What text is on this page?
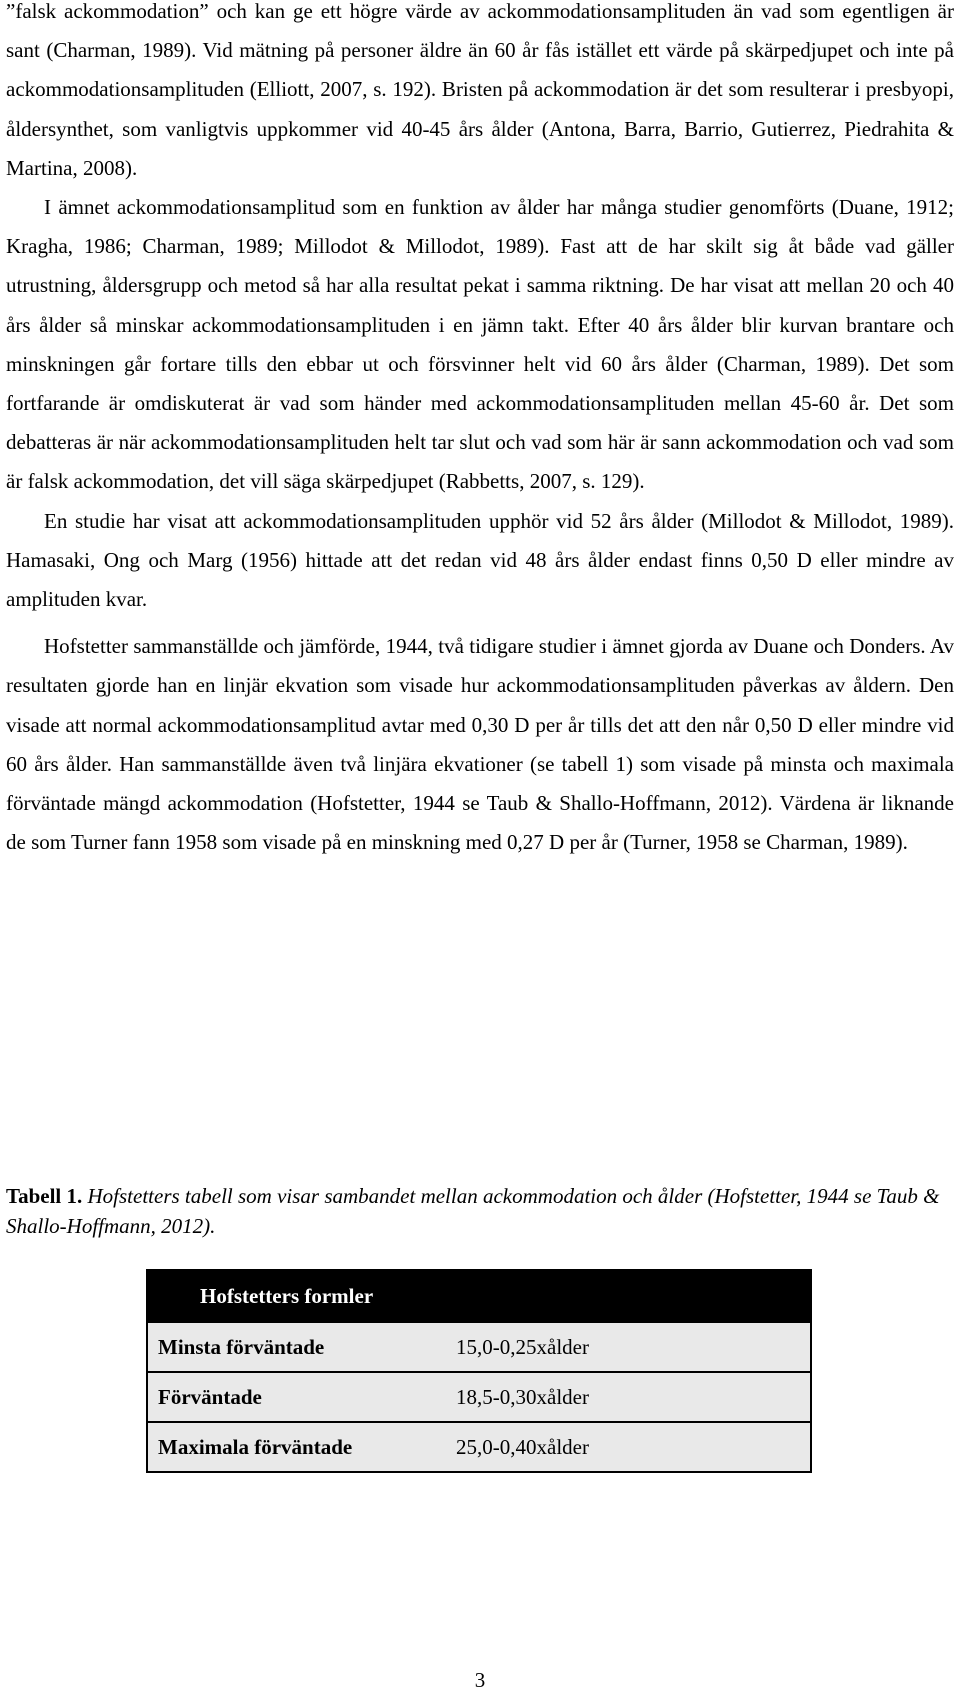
”falsk ackommodation” och kan ge ett högre värde av ackommodationsamplituden än vad som egentligen är sant (Charman, 1989). Vid mätning på personer äldre än 60 år fås istället ett värde på skärpedjupet och inte på ackommodationsamplituden (Elliott, 2007, s. 192). Bristen på ackommodation är det som resulterar i presbyopi, åldersynthet, som vanligtvis uppkommer vid 40-45 års ålder (Antona, Barra, Barrio, Gutierrez, Piedrahita & Martina, 2008).

I ämnet ackommodationsamplitud som en funktion av ålder har många studier genomförts (Duane, 1912; Kragha, 1986; Charman, 1989; Millodot & Millodot, 1989). Fast att de har skilt sig åt både vad gäller utrustning, åldersgrupp och metod så har alla resultat pekat i samma riktning. De har visat att mellan 20 och 40 års ålder så minskar ackommodationsamplituden i en jämn takt. Efter 40 års ålder blir kurvan brantare och minskningen går fortare tills den ebbar ut och försvinner helt vid 60 års ålder (Charman, 1989). Det som fortfarande är omdiskuterat är vad som händer med ackommodationsamplituden mellan 45-60 år. Det som debatteras är när ackommodationsamplituden helt tar slut och vad som här är sann ackommodation och vad som är falsk ackommodation, det vill säga skärpedjupet (Rabbetts, 2007, s. 129).

En studie har visat att ackommodationsamplituden upphör vid 52 års ålder (Millodot & Millodot, 1989). Hamasaki, Ong och Marg (1956) hittade att det redan vid 48 års ålder endast finns 0,50 D eller mindre av amplituden kvar.

Hofstetter sammanställde och jämförde, 1944, två tidigare studier i ämnet gjorda av Duane och Donders. Av resultaten gjorde han en linjär ekvation som visade hur ackommodationsamplituden påverkas av åldern. Den visade att normal ackommodationsamplitud avtar med 0,30 D per år tills det att den når 0,50 D eller mindre vid 60 års ålder. Han sammanställde även två linjära ekvationer (se tabell 1) som visade på minsta och maximala förväntade mängd ackommodation (Hofstetter, 1944 se Taub & Shallo-Hoffmann, 2012). Värdena är liknande de som Turner fann 1958 som visade på en minskning med 0,27 D per år (Turner, 1958 se Charman, 1989).

Tabell 1. Hofstetters tabell som visar sambandet mellan ackommodation och ålder (Hofstetter, 1944 se Taub & Shallo-Hoffmann, 2012).

Hofstetters formler	
Minsta förväntade	15,0-0,25xålder
Förväntade	18,5-0,30xålder
Maximala förväntade	25,0-0,40xålder
3
